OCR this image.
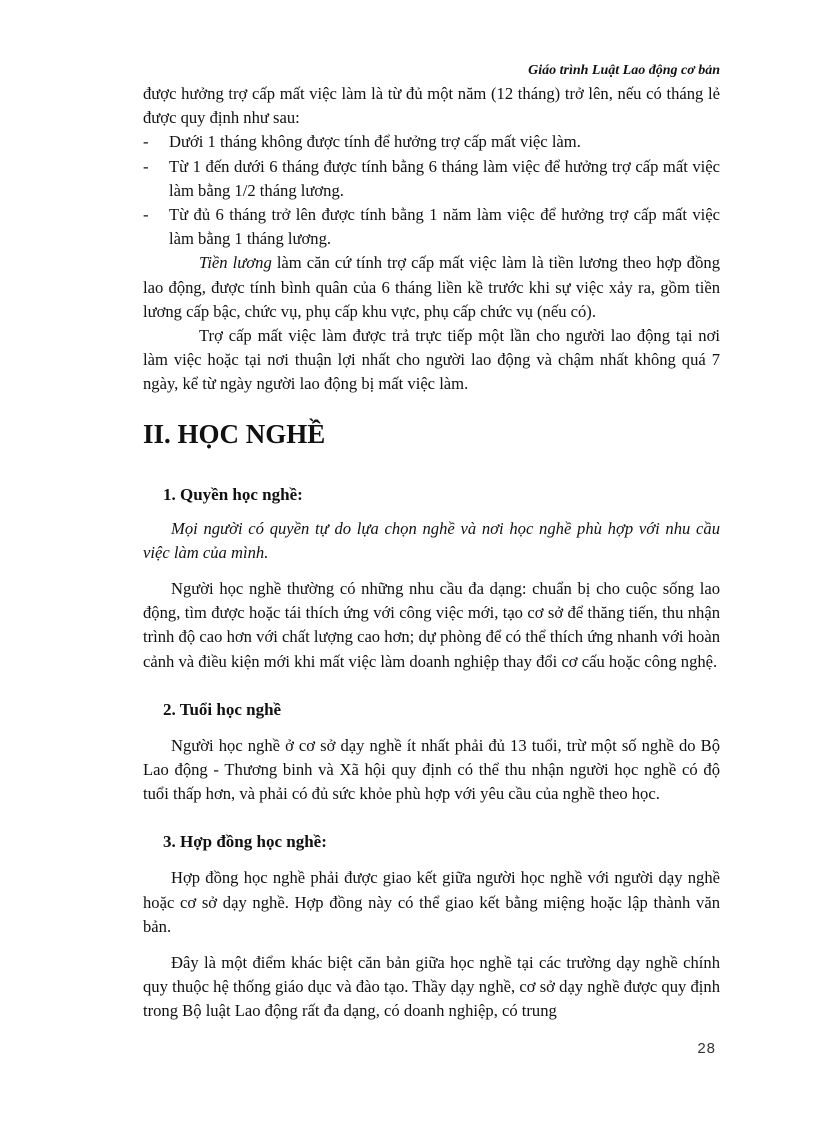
Giáo trình Luật Lao động cơ bản

được hưởng trợ cấp mất việc làm là từ đủ một năm (12 tháng) trở lên, nếu có tháng lẻ được quy định như sau:

- Dưới 1 tháng không được tính để hưởng trợ cấp mất việc làm.
- Từ 1 đến dưới 6 tháng được tính bằng 6 tháng làm việc để hưởng trợ cấp mất việc làm bằng 1/2 tháng lương.
- Từ đủ 6 tháng trở lên được tính bằng 1 năm làm việc để hưởng trợ cấp mất việc làm bằng 1 tháng lương.

Tiền lương làm căn cứ tính trợ cấp mất việc làm là tiền lương theo hợp đồng lao động, được tính bình quân của 6 tháng liền kề trước khi sự việc xảy ra, gồm tiền lương cấp bậc, chức vụ, phụ cấp khu vực, phụ cấp chức vụ (nếu có).

Trợ cấp mất việc làm được trả trực tiếp một lần cho người lao động tại nơi làm việc hoặc tại nơi thuận lợi nhất cho người lao động và chậm nhất không quá 7 ngày, kể từ ngày người lao động bị mất việc làm.

II. HỌC NGHỀ
1. Quyền học nghề:

Mọi người có quyền tự do lựa chọn nghề và nơi học nghề phù hợp với nhu cầu việc làm của mình.

Người học nghề thường có những nhu cầu đa dạng: chuẩn bị cho cuộc sống lao động, tìm được hoặc tái thích ứng với công việc mới, tạo cơ sở để thăng tiến, thu nhận trình độ cao hơn với chất lượng cao hơn; dự phòng để có thể thích ứng nhanh với hoàn cảnh và điều kiện mới khi mất việc làm doanh nghiệp thay đổi cơ cấu hoặc công nghệ.

2. Tuổi học nghề

Người học nghề ở cơ sở dạy nghề ít nhất phải đủ 13 tuổi, trừ một số nghề do Bộ Lao động - Thương binh và Xã hội quy định có thể thu nhận người học nghề có độ tuổi thấp hơn, và phải có đủ sức khỏe phù hợp với yêu cầu của nghề theo học.

3. Hợp đồng học nghề:

Hợp đồng học nghề phải được giao kết giữa người học nghề với người dạy nghề hoặc cơ sở dạy nghề. Hợp đồng này có thể giao kết bằng miệng hoặc lập thành văn bản.

Đây là một điểm khác biệt căn bản giữa học nghề tại các trường dạy nghề chính quy thuộc hệ thống giáo dục và đào tạo. Thầy dạy nghề, cơ sở dạy nghề được quy định trong Bộ luật Lao động rất đa dạng, có doanh nghiệp, có trung

28
